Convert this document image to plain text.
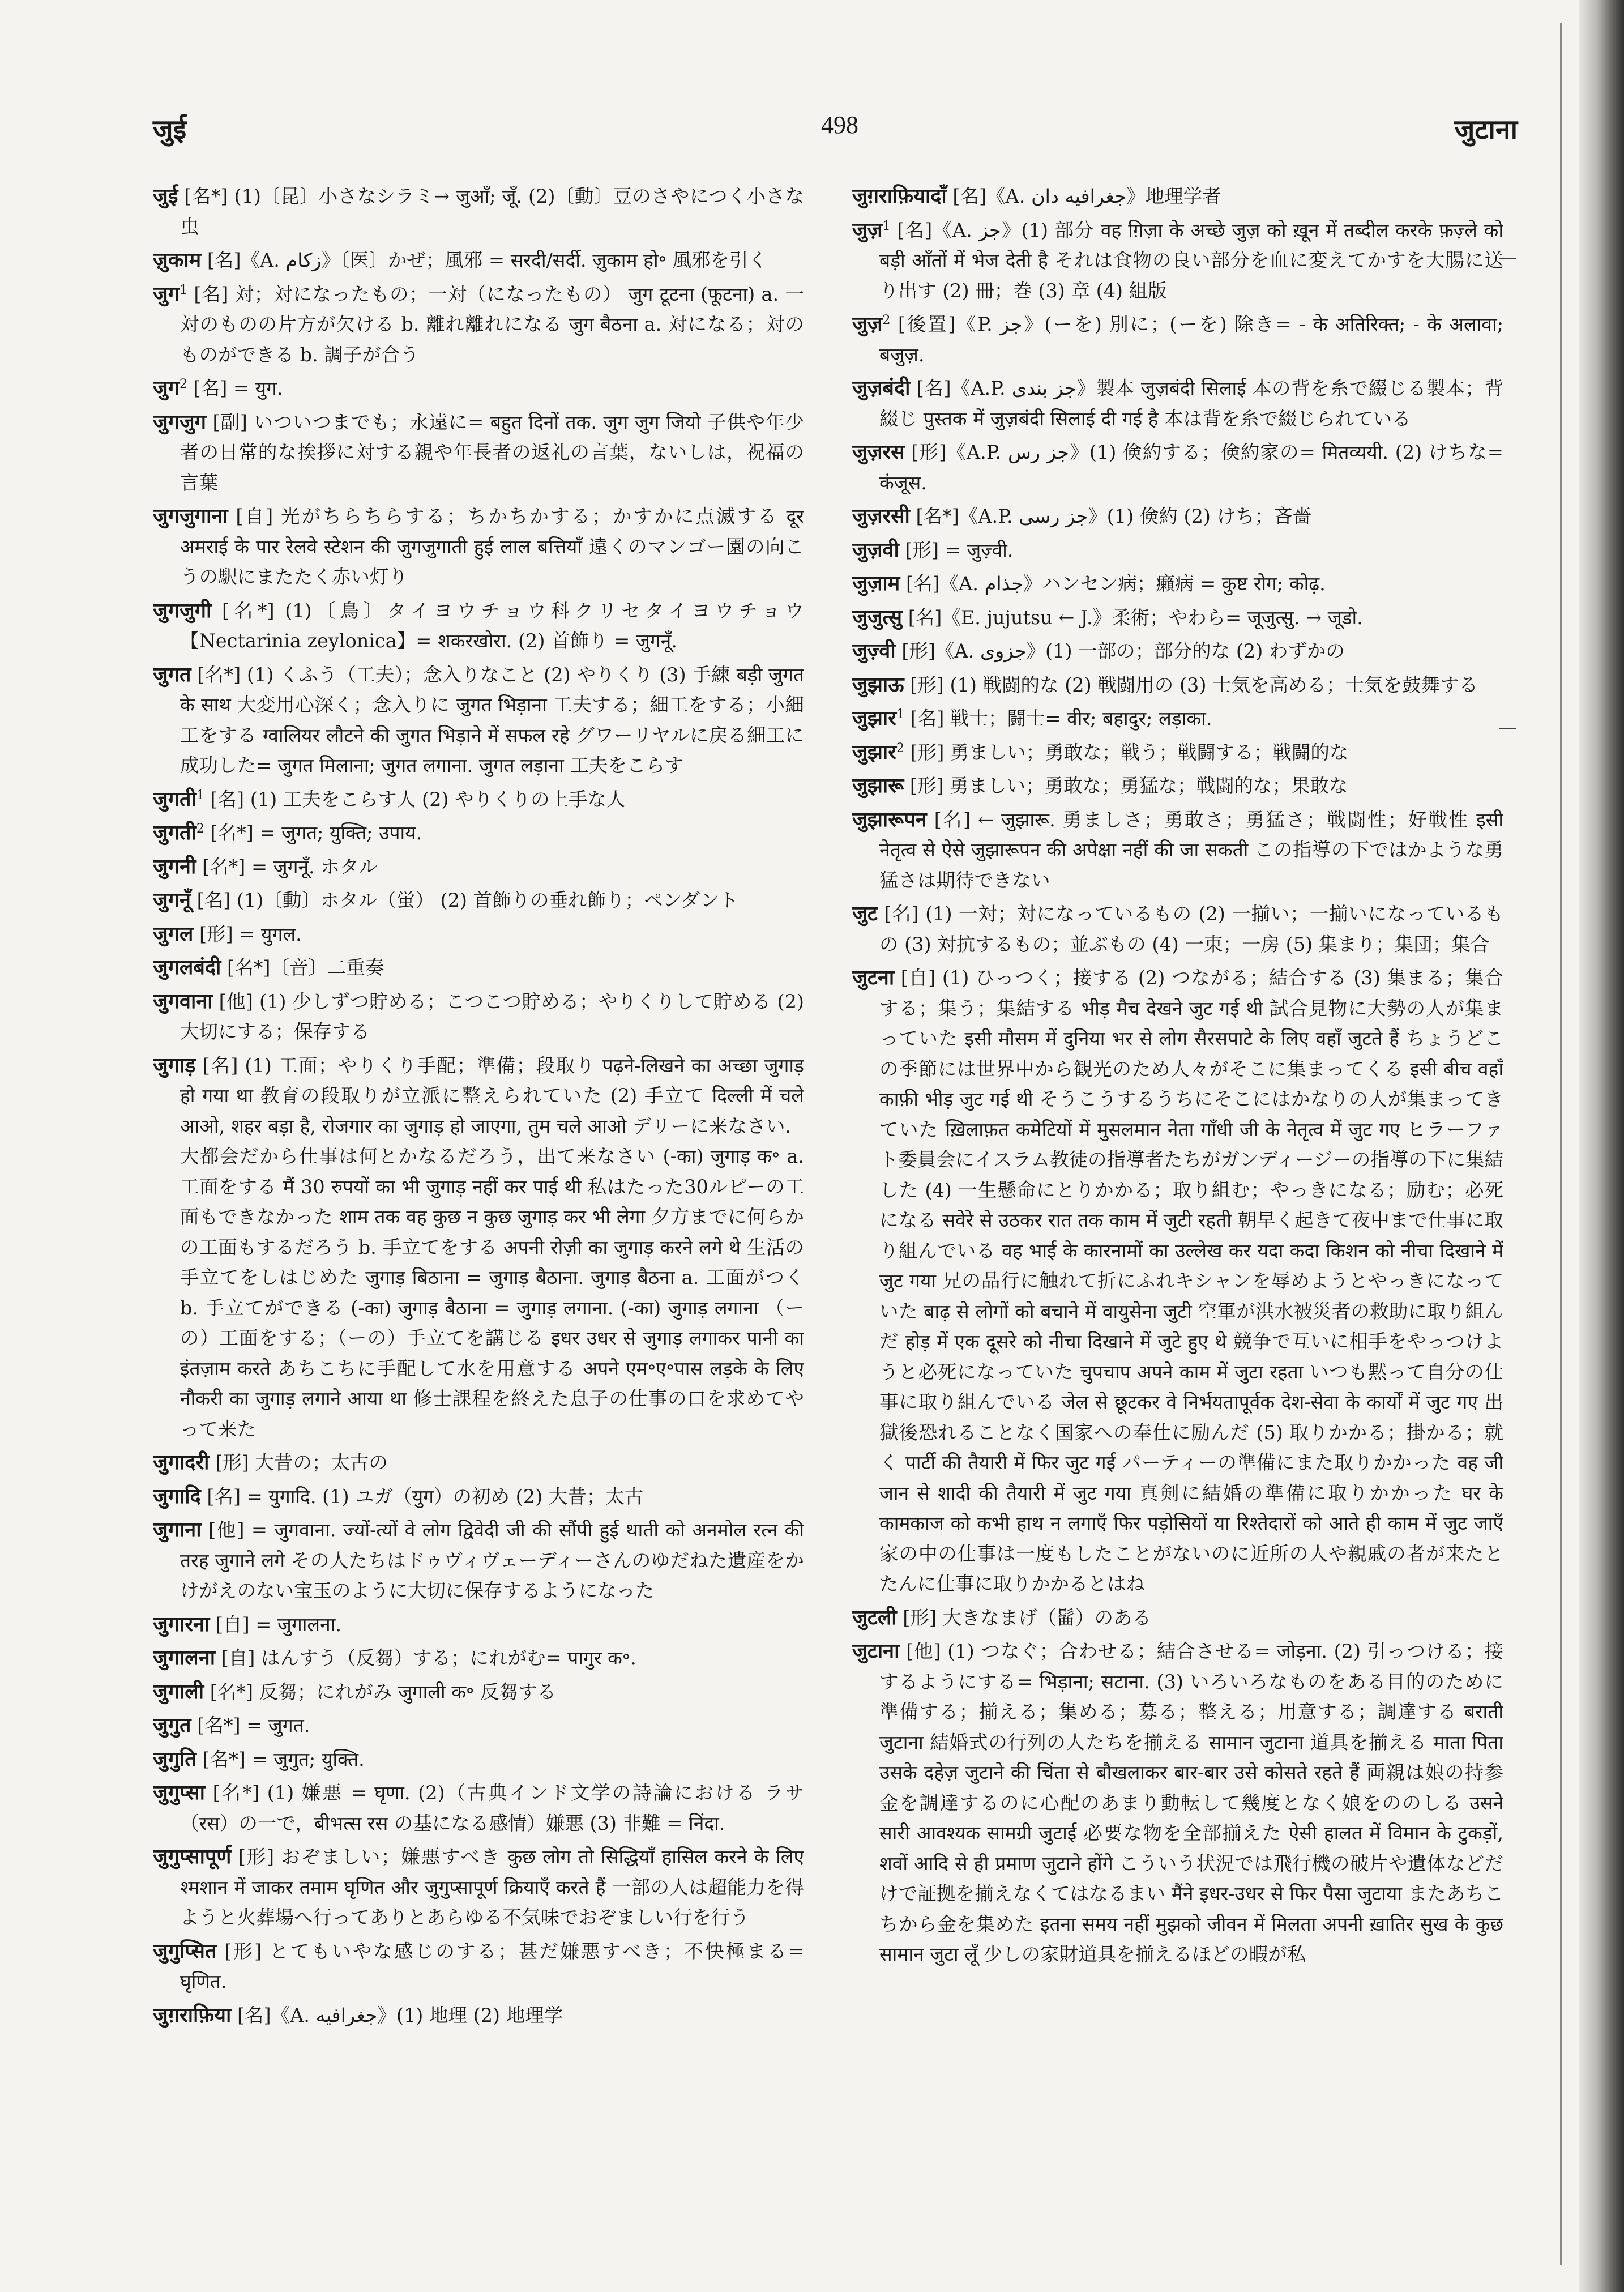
जुई	498	जुटाना

जुई [名*] (1)〔昆〕小さなシラミ→ जुआँ; जूँ. (2)〔動〕豆のさやにつく小さな虫

ज़ुकाम [名]《A. زکام》〔医〕かぜ；風邪 = सरदी/सर्दी. ज़ुकाम हो॰ 風邪を引く

जुग$^1$ [名] 対；対になったもの；一対（になったもの） जुग टूटना (फूटना) a. 一対のものの片方が欠ける b. 離れ離れになる जुग बैठना a. 対になる；対のものができる b. 調子が合う

जुग$^2$ [名] = युग.

जुगजुग [副] いついつまでも；永遠に= बहुत दिनों तक. जुग जुग जियो 子供や年少者の日常的な挨拶に対する親や年長者の返礼の言葉，ないしは，祝福の言葉

जुगजुगाना [自] 光がちらちらする；ちかちかする；かすかに点滅する दूर अमराई के पार रेलवे स्टेशन की जुगजुगाती हुई लाल बत्तियाँ 遠くのマンゴー園の向こうの駅にまたたく赤い灯り

जुगजुगी [名*] (1)〔鳥〕タイヨウチョウ科クリセタイヨウチョウ【Nectarinia zeylonica】= शकरखोरा. (2) 首飾り = जुगनूँ.

जुगत [名*] (1) くふう（工夫）；念入りなこと (2) やりくり (3) 手練 बड़ी जुगत के साथ 大変用心深く；念入りに जुगत भिड़ाना 工夫する；細工をする；小細工をする ग्वालियर लौटने की जुगत भिड़ाने में सफल रहे グワーリヤルに戻る細工に成功した= जुगत मिलाना; जुगत लगाना. जुगत लड़ाना 工夫をこらす

जुगती$^1$ [名] (1) 工夫をこらす人 (2) やりくりの上手な人

जुगती$^2$ [名*] = जुगत; युक्ति; उपाय.

जुगनी [名*] = जुगनूँ. ホタル

जुगनूँ [名] (1)〔動〕ホタル（蛍） (2) 首飾りの垂れ飾り；ペンダント

जुगल [形] = युगल.

जुगलबंदी [名*]〔音〕二重奏

जुगवाना [他] (1) 少しずつ貯める；こつこつ貯める；やりくりして貯める (2) 大切にする；保存する

जुगाड़ [名] (1) 工面；やりくり手配；準備；段取り पढ़ने-लिखने का अच्छा जुगाड़ हो गया था 教育の段取りが立派に整えられていた (2) 手立て दिल्ली में चले आओ, शहर बड़ा है, रोजगार का जुगाड़ हो जाएगा, तुम चले आओ デリーに来なさい．大都会だから仕事は何とかなるだろう，出て来なさい (-का) जुगाड़ क॰ a. 工面をする मैं 30 रुपयों का भी जुगाड़ नहीं कर पाई थी 私はたった30ルピーの工面もできなかった शाम तक वह कुछ न कुछ जुगाड़ कर भी लेगा 夕方までに何らかの工面もするだろう b. 手立てをする अपनी रोज़ी का जुगाड़ करने लगे थे 生活の手立てをしはじめた जुगाड़ बिठाना = जुगाड़ बैठाना. जुगाड़ बैठना a. 工面がつく b. 手立てができる (-का) जुगाड़ बैठाना = जुगाड़ लगाना. (-का) जुगाड़ लगाना （ーの）工面をする；（ーの）手立てを講じる इधर उधर से जुगाड़ लगाकर पानी का इंतज़ाम करते あちこちに手配して水を用意する अपने एम॰ए॰पास लड़के के लिए नौकरी का जुगाड़ लगाने आया था 修士課程を終えた息子の仕事の口を求めてやって来た

जुगादरी [形] 大昔の；太古の

जुगादि [名] = युगादि. (1) ユガ（युग）の初め (2) 大昔；太古

जुगाना [他] = जुगवाना. ज्यों-त्यों वे लोग द्विवेदी जी की सौंपी हुई थाती को अनमोल रत्न की तरह जुगाने लगे その人たちはドゥヴィヴェーディーさんのゆだねた遺産をかけがえのない宝玉のように大切に保存するようになった

जुगारना [自] = जुगालना.

जुगालना [自] はんすう（反芻）する；にれがむ= पागुर क॰.

जुगाली [名*] 反芻；にれがみ जुगाली क॰ 反芻する

जुगुत [名*] = जुगत.

जुगुति [名*] = जुगुत; युक्ति.

जुगुप्सा [名*] (1) 嫌悪 = घृणा. (2)（古典インド文学の詩論における ラサ（रस）の一で，बीभत्स रस の基になる感情）嫌悪 (3) 非難 = निंदा.

जुगुप्सापूर्ण [形] おぞましい；嫌悪すべき कुछ लोग तो सिद्धियाँ हासिल करने के लिए श्मशान में जाकर तमाम घृणित और जुगुप्सापूर्ण क्रियाएँ करते हैं 一部の人は超能力を得ようと火葬場へ行ってありとあらゆる不気味でおぞましい行を行う

जुगुप्सित [形] とてもいやな感じのする；甚だ嫌悪すべき；不快極まる= घृणित.

जुग़राफ़िया [名]《A. جغرافیه》(1) 地理 (2) 地理学

जुग़राफ़ियादाँ [名]《A. جغرافیه دان》地理学者

जुज़$^1$ [名]《A. جز》(1) 部分 वह ग़िज़ा के अच्छे जुज़ को ख़ून में तब्दील करके फ़ज़्ले को बड़ी आँतों में भेज देती है それは食物の良い部分を血に変えてかすを大腸に送り出す (2) 冊；巻 (3) 章 (4) 組版

जुज़$^2$ [後置]《P. جز》(ーを) 別に；(ーを) 除き= - के अतिरिक्त; - के अलावा; बजुज़.

जुज़बंदी [名]《A.P. جز بندی》製本 जुज़बंदी सिलाई 本の背を糸で綴じる製本；背綴じ पुस्तक में जुज़बंदी सिलाई दी गई है 本は背を糸で綴じられている

जुज़रस [形]《A.P. جز رس》(1) 倹約する；倹約家の= मितव्ययी. (2) けちな= कंजूस.

जुज़रसी [名*]《A.P. جز رسی》(1) 倹約 (2) けち；吝嗇

जुज़वी [形] = जुज़्वी.

जुज़ाम [名]《A. جذام》ハンセン病；癩病 = कुष्ट रोग; कोढ़.

जुजुत्सु [名]《E. jujutsu ← J.》柔術；やわら= जूजुत्सु. → जूडो.

जुज़्वी [形]《A. جزوی》(1) 一部の；部分的な (2) わずかの

जुझाऊ [形] (1) 戦闘的な (2) 戦闘用の (3) 士気を高める；士気を鼓舞する

जुझार$^1$ [名] 戦士；闘士= वीर; बहादुर; लड़ाका.

जुझार$^2$ [形] 勇ましい；勇敢な；戦う；戦闘する；戦闘的な

जुझारू [形] 勇ましい；勇敢な；勇猛な；戦闘的な；果敢な

जुझारूपन [名] ← जुझारू. 勇ましさ；勇敢さ；勇猛さ；戦闘性；好戦性 इसी नेतृत्व से ऐसे जुझारूपन की अपेक्षा नहीं की जा सकती この指導の下ではかような勇猛さは期待できない

जुट [名] (1) 一対；対になっているもの (2) 一揃い；一揃いになっているもの (3) 対抗するもの；並ぶもの (4) 一束；一房 (5) 集まり；集団；集合

जुटना [自] (1) ひっつく；接する (2) つながる；結合する (3) 集まる；集合する；集う；集結する भीड़ मैच देखने जुट गई थी 試合見物に大勢の人が集まっていた इसी मौसम में दुनिया भर से लोग सैरसपाटे के लिए वहाँ जुटते हैं ちょうどこの季節には世界中から観光のため人々がそこに集まってくる इसी बीच वहाँ काफ़ी भीड़ जुट गई थी そうこうするうちにそこにはかなりの人が集まってきていた ख़िलाफ़त कमेटियों में मुसलमान नेता गाँधी जी के नेतृत्व में जुट गए ヒラーファト委員会にイスラム教徒の指導者たちがガンディージーの指導の下に集結した (4) 一生懸命にとりかかる；取り組む；やっきになる；励む；必死になる सवेरे से उठकर रात तक काम में जुटी रहती 朝早く起きて夜中まで仕事に取り組んでいる वह भाई के कारनामों का उल्लेख कर यदा कदा किशन को नीचा दिखाने में जुट गया 兄の品行に触れて折にふれキシャンを辱めようとやっきになっていた बाढ़ से लोगों को बचाने में वायुसेना जुटी 空軍が洪水被災者の救助に取り組んだ होड़ में एक दूसरे को नीचा दिखाने में जुटे हुए थे 競争で互いに相手をやっつけようと必死になっていた चुपचाप अपने काम में जुटा रहता いつも黙って自分の仕事に取り組んでいる जेल से छूटकर वे निर्भयतापूर्वक देश-सेवा के कार्यों में जुट गए 出獄後恐れることなく国家への奉仕に励んだ (5) 取りかかる；掛かる；就く पार्टी की तैयारी में फिर जुट गई パーティーの準備にまた取りかかった वह जी जान से शादी की तैयारी में जुट गया 真剣に結婚の準備に取りかかった घर के कामकाज को कभी हाथ न लगाएँ फिर पड़ोसियों या रिश्तेदारों को आते ही काम में जुट जाएँ 家の中の仕事は一度もしたことがないのに近所の人や親戚の者が来たとたんに仕事に取りかかるとはね

जुटली [形] 大きなまげ（髷）のある

जुटाना [他] (1) つなぐ；合わせる；結合させる= जोड़ना. (2) 引っつける；接するようにする= भिड़ाना; सटाना. (3) いろいろなものをある目的のために準備する；揃える；集める；募る；整える；用意する；調達する बराती जुटाना 結婚式の行列の人たちを揃える सामान जुटाना 道具を揃える माता पिता उसके दहेज़ जुटाने की चिंता से बौखलाकर बार-बार उसे कोसते रहते हैं 両親は娘の持参金を調達するのに心配のあまり動転して幾度となく娘をののしる उसने सारी आवश्यक सामग्री जुटाई 必要な物を全部揃えた ऐसी हालत में विमान के टुकड़ों, शवों आदि से ही प्रमाण जुटाने होंगे こういう状況では飛行機の破片や遺体などだけで証拠を揃えなくてはなるまい मैंने इधर-उधर से फिर पैसा जुटाया またあちこちから金を集めた इतना समय नहीं मुझको जीवन में मिलता अपनी ख़ातिर सुख के कुछ सामान जुटा लूँ 少しの家財道具を揃えるほどの暇が私
